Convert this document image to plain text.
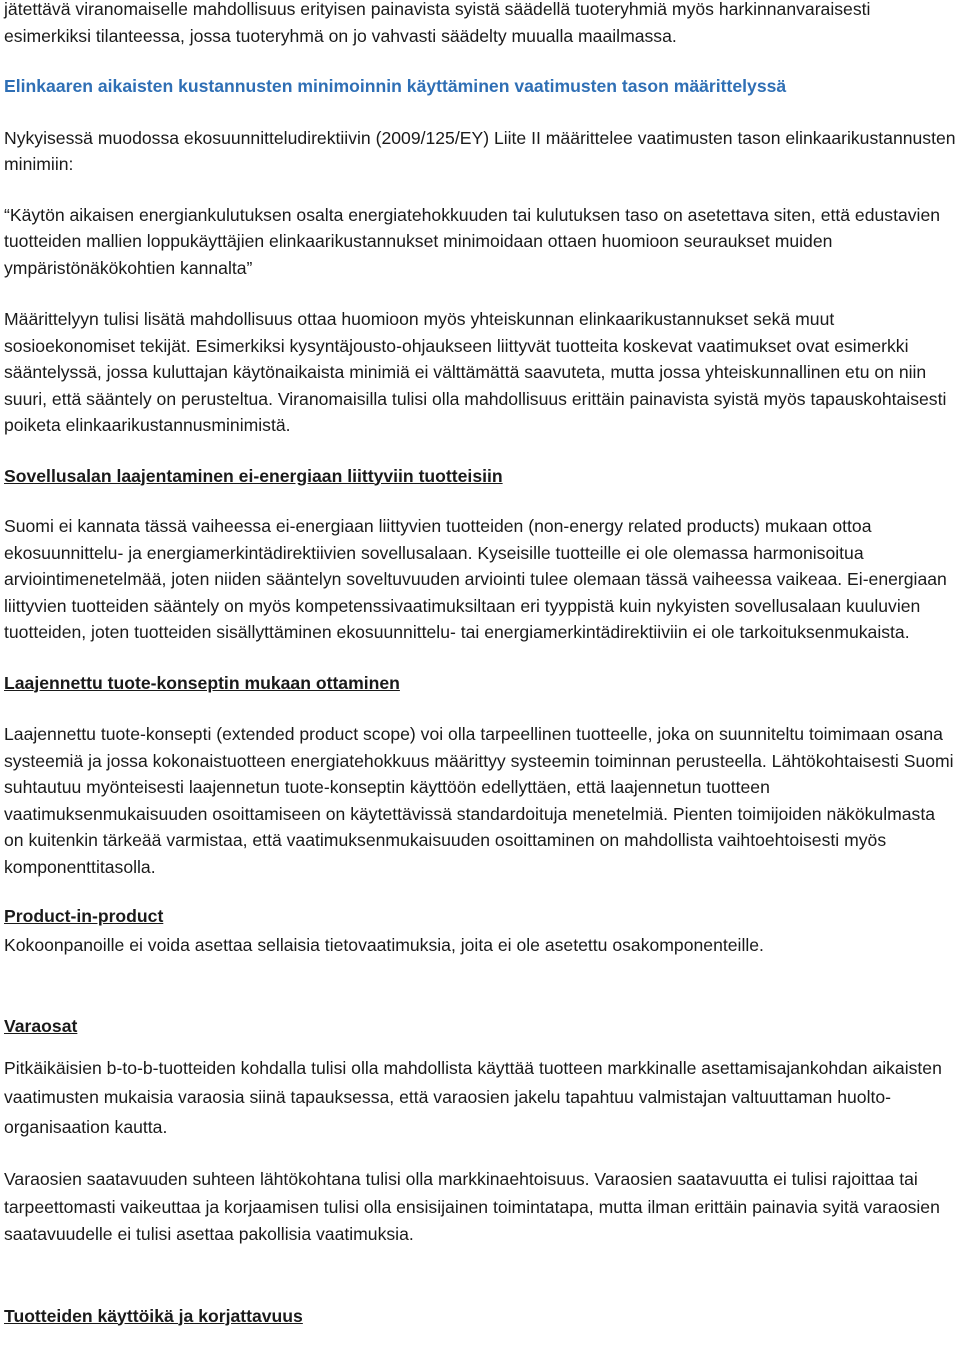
jätettävä viranomaiselle mahdollisuus erityisen painavista syistä säädellä tuoteryhmiä myös harkinnanvaraisesti esimerkiksi tilanteessa, jossa tuoteryhmä on jo vahvasti säädelty muualla maailmassa.

Elinkaaren aikaisten kustannusten minimoinnin käyttäminen vaatimusten tason määrittelyssä

Nykyisessä muodossa ekosuunnitteludirektiivin (2009/125/EY) Liite II määrittelee vaatimusten tason elinkaarikustannusten minimiin:

“Käytön aikaisen energiankulutuksen osalta energiatehokkuuden tai kulutuksen taso on asetettava siten, että edustavien tuotteiden mallien loppukäyttäjien elinkaarikustannukset minimoidaan ottaen huomioon seuraukset muiden ympäristönäkökohtien kannalta”

Määrittelyyn tulisi lisätä mahdollisuus ottaa huomioon myös yhteiskunnan elinkaarikustannukset sekä muut sosioekonomiset tekijät. Esimerkiksi kysyntäjousto-ohjaukseen liittyvät tuotteita koskevat vaatimukset ovat esimerkki sääntelyssä, jossa kuluttajan käytönaikaista minimiä ei välttämättä saavuteta, mutta jossa yhteiskunnallinen etu on niin suuri, että sääntely on perusteltua. Viranomaisilla tulisi olla mahdollisuus erittäin painavista syistä myös tapauskohtaisesti poiketa elinkaarikustannusminimistä.

Sovellusalan laajentaminen ei-energiaan liittyviin tuotteisiin

Suomi ei kannata tässä vaiheessa ei-energiaan liittyvien tuotteiden (non-energy related products) mukaan ottoa ekosuunnittelu- ja energiamerkintädirektiivien sovellusalaan. Kyseisille tuotteille ei ole olemassa harmonisoitua arviointimenetelmää, joten niiden sääntelyn soveltuvuuden arviointi tulee olemaan tässä vaiheessa vaikeaa. Ei-energiaan liittyvien tuotteiden sääntely on myös kompetenssivaatimuksiltaan eri tyyppistä kuin nykyisten sovellusalaan kuuluvien tuotteiden, joten tuotteiden sisällyttäminen ekosuunnittelu- tai energiamerkintädirektiiviin ei ole tarkoituksenmukaista.

Laajennettu tuote-konseptin mukaan ottaminen

Laajennettu tuote-konsepti (extended product scope) voi olla tarpeellinen tuotteelle, joka on suunniteltu toimimaan osana systeemiä ja jossa kokonaistuotteen energiatehokkuus määrittyy systeemin toiminnan perusteella. Lähtökohtaisesti Suomi suhtautuu myönteisesti laajennetun tuote-konseptin käyttöön edellyttäen, että laajennetun tuotteen vaatimuksenmukaisuuden osoittamiseen on käytettävissä standardoituja menetelmiä. Pienten toimijoiden näkökulmasta on kuitenkin tärkeää varmistaa, että vaatimuksenmukaisuuden osoittaminen on mahdollista vaihtoehtoisesti myös komponenttitasolla.

Product-in-product

Kokoonpanoille ei voida asettaa sellaisia tietovaatimuksia, joita ei ole asetettu osakomponenteille.

Varaosat

Pitkäikäisien b-to-b-tuotteiden kohdalla tulisi olla mahdollista käyttää tuotteen markkinalle asettamisajankohdan aikaisten vaatimusten mukaisia varaosia siinä tapauksessa, että varaosien jakelu tapahtuu valmistajan valtuuttaman huolto-organisaation kautta.

Varaosien saatavuuden suhteen lähtökohtana tulisi olla markkinaehtoisuus. Varaosien saatavuutta ei tulisi rajoittaa tai tarpeettomasti vaikeuttaa ja korjaamisen tulisi olla ensisijainen toimintatapa, mutta ilman erittäin painavia syitä varaosien saatavuudelle ei tulisi asettaa pakollisia vaatimuksia.

Tuotteiden käyttöikä ja korjattavuus
